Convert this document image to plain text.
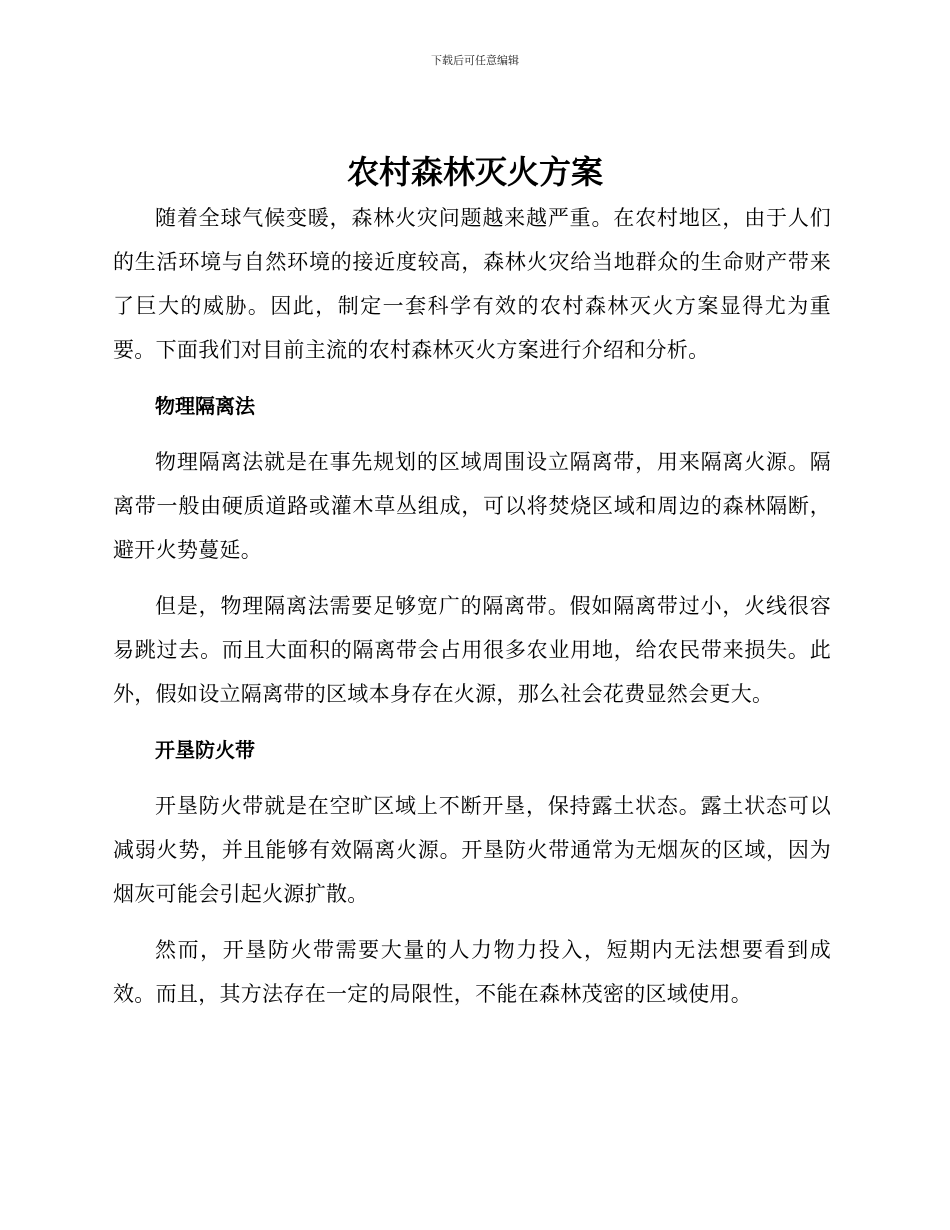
下载后可任意编辑
农村森林灭火方案

随着全球气候变暖，森林火灾问题越来越严重。在农村地区，由于人们的生活环境与自然环境的接近度较高，森林火灾给当地群众的生命财产带来了巨大的威胁。因此，制定一套科学有效的农村森林灭火方案显得尤为重要。下面我们对目前主流的农村森林灭火方案进行介绍和分析。

物理隔离法

物理隔离法就是在事先规划的区域周围设立隔离带，用来隔离火源。隔离带一般由硬质道路或灌木草丛组成，可以将焚烧区域和周边的森林隔断，避开火势蔓延。

但是，物理隔离法需要足够宽广的隔离带。假如隔离带过小，火线很容易跳过去。而且大面积的隔离带会占用很多农业用地，给农民带来损失。此外，假如设立隔离带的区域本身存在火源，那么社会花费显然会更大。

开垦防火带

开垦防火带就是在空旷区域上不断开垦，保持露土状态。露土状态可以减弱火势，并且能够有效隔离火源。开垦防火带通常为无烟灰的区域，因为烟灰可能会引起火源扩散。

然而，开垦防火带需要大量的人力物力投入，短期内无法想要看到成效。而且，其方法存在一定的局限性，不能在森林茂密的区域使用。
